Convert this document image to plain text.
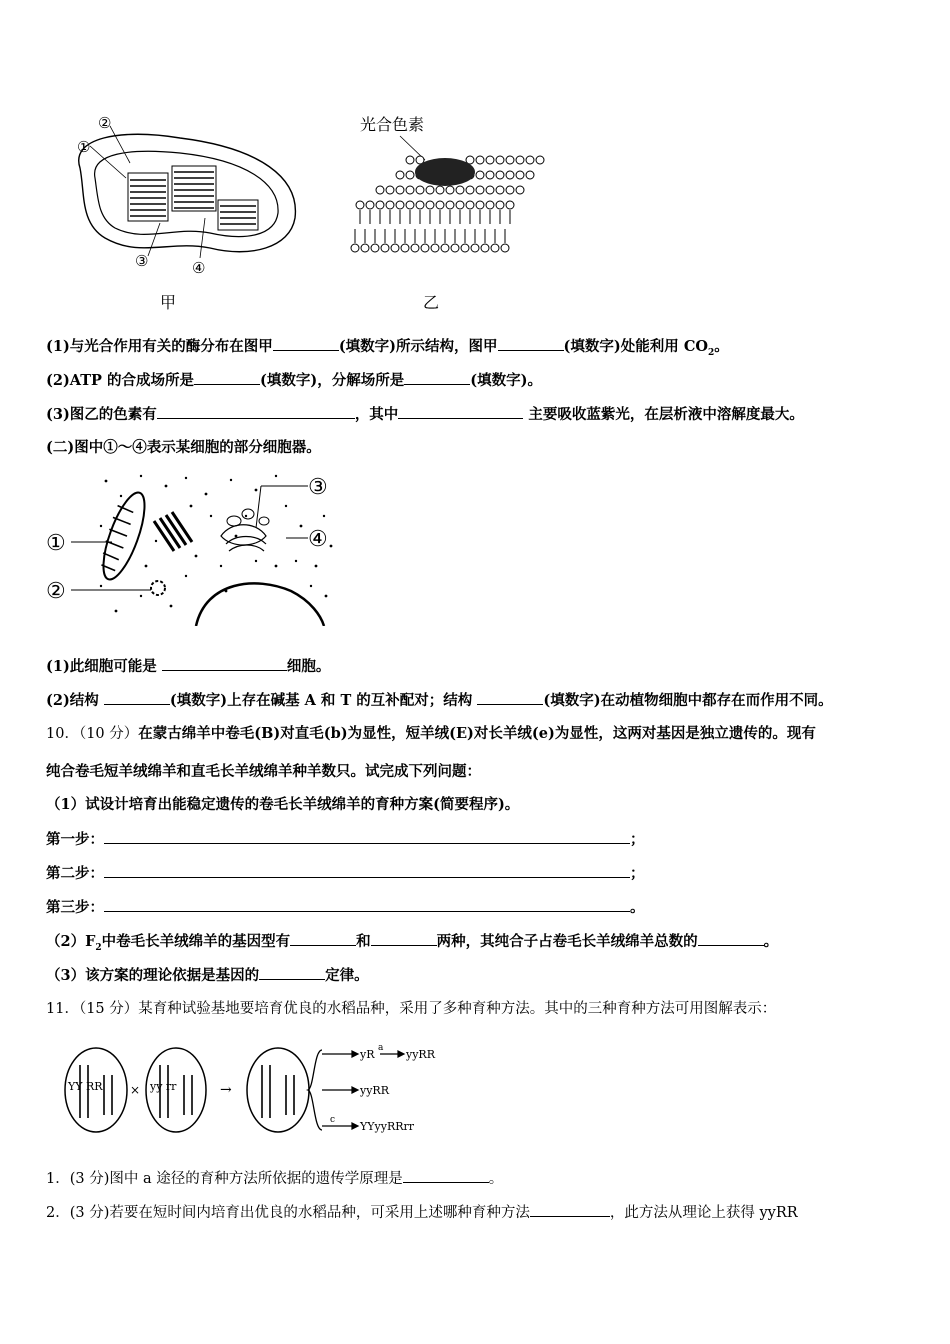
①
②
③	④
光合色素
甲	乙
(1)与光合作用有关的酶分布在图甲	(填数字)所示结构，图甲	(填数字)处能利用 $CO_2$。
(2)ATP 的合成场所是	(填数字)，分解场所是	(填数字)。
(3)图乙的色素有	，其中	主要吸收蓝紫光，在层析液中溶解度最大。
(二)图中①～④表示某细胞的部分细胞器。
①
②
③
④
(1)此细胞可能是	细胞。
(2)结构	(填数字)上存在碱基 A 和 T 的互补配对；结构	(填数字)在动植物细胞中都存在而作用不同。
10．（10 分）在蒙古绵羊中卷毛(B)对直毛(b)为显性，短羊绒(E)对长羊绒(e)为显性，这两对基因是独立遗传的。现有
纯合卷毛短羊绒绵羊和直毛长羊绒绵羊种羊数只。试完成下列问题：
（1）试设计培育出能稳定遗传的卷毛长羊绒绵羊的育种方案(简要程序)。
第一步：	；
第二步：	；
第三步：	。
$(2)F_2$中卷毛长羊绒绵羊的基因型有	和	两种，其纯合子占卷毛长羊绒绵羊总数的	。
（3）该方案的理论依据是基因的	定律。
11．（15 分）某育种试验基地要培育优良的水稻品种，采用了多种育种方法。其中的三种育种方法可用图解表示：
YY RR	yy rr
×	→
a
c
yR	yyRR
yyRR
YYyyRRrr
1．(3 分)图中 a 途径的育种方法所依据的遗传学原理是	。
2．(3 分)若要在短时间内培育出优良的水稻品种，可采用上述哪种育种方法	，此方法从理论上获得 yyRR
